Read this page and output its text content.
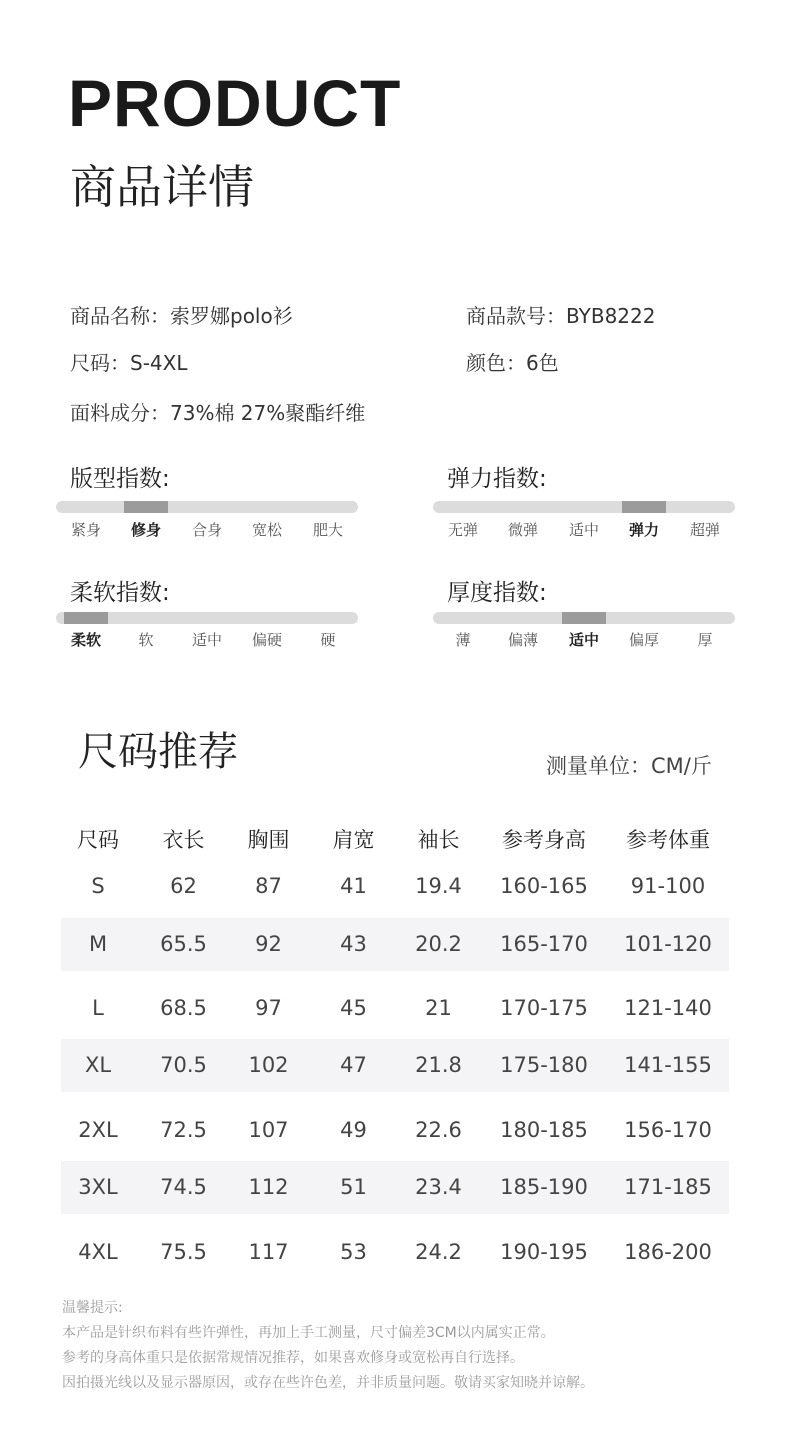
PRODUCT
商品详情
商品名称：索罗娜polo衫	商品款号：BYB8222
尺码：S-4XL	颜色：6色
面料成分：73%棉 27%聚酯纤维
版型指数:
紧身	修身	合身	宽松	肥大
弹力指数:
无弹	微弹	适中	弹力	超弹
柔软指数:
柔软	软	适中	偏硬	硬
厚度指数:
薄	偏薄	适中	偏厚	厚
尺码推荐	测量单位：CM/斤
尺码	衣长	胸围	肩宽	袖长	参考身高	参考体重
S	62	87	41	19.4	160-165	91-100
M	65.5	92	43	20.2	165-170	101-120
L	68.5	97	45	21	170-175	121-140
XL	70.5	102	47	21.8	175-180	141-155
2XL	72.5	107	49	22.6	180-185	156-170
3XL	74.5	112	51	23.4	185-190	171-185
4XL	75.5	117	53	24.2	190-195	186-200
温馨提示:
本产品是针织布料有些许弹性，再加上手工测量，尺寸偏差3CM以内属实正常。
参考的身高体重只是依据常规情况推荐，如果喜欢修身或宽松再自行选择。
因拍摄光线以及显示器原因，或存在些许色差，并非质量问题。敬请买家知晓并谅解。
